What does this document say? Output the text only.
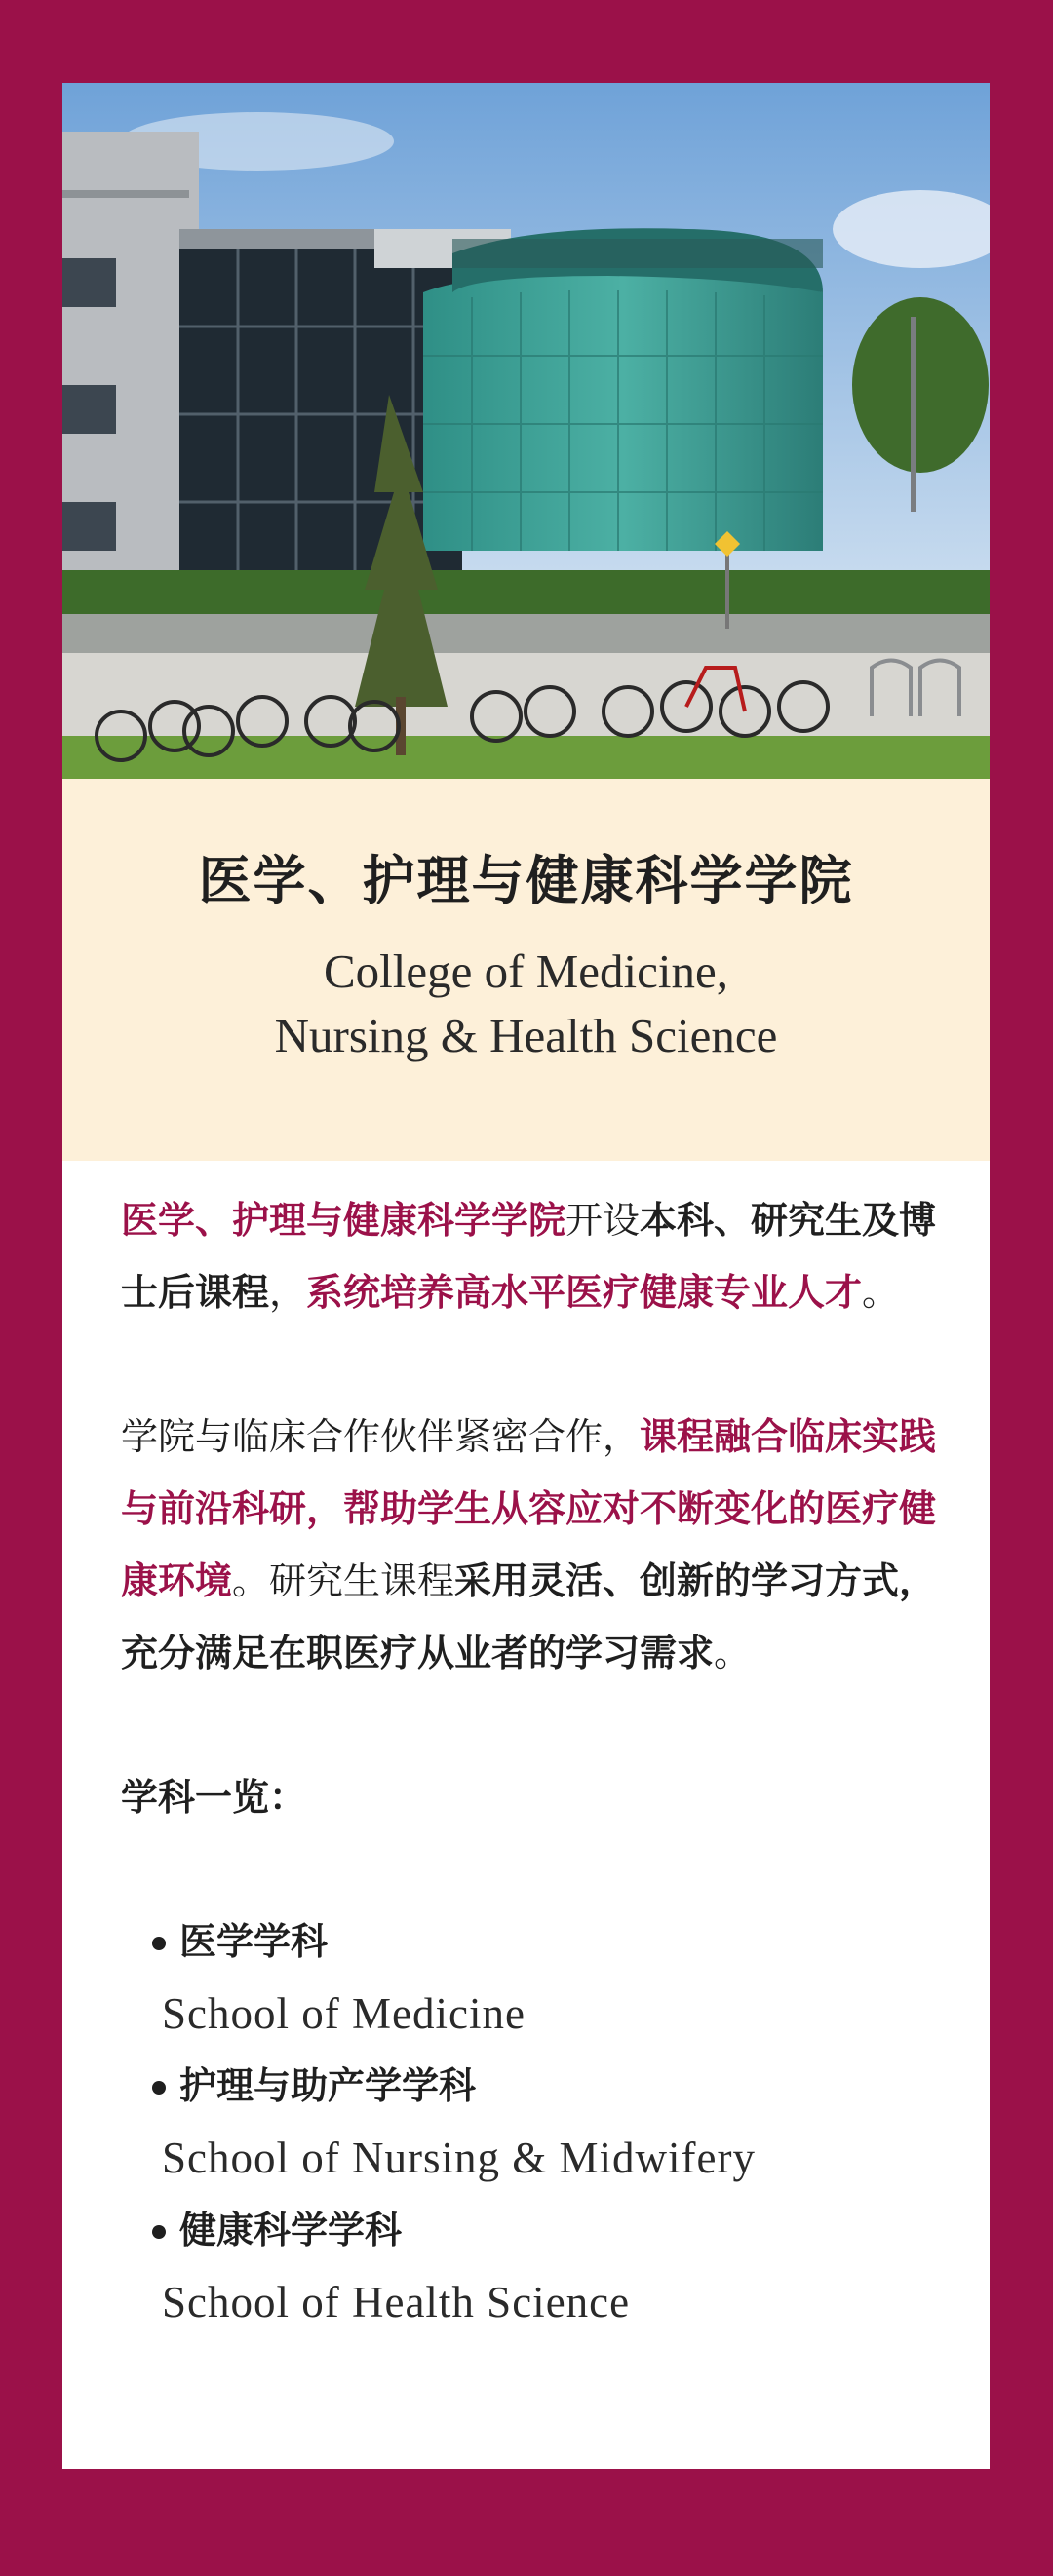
医学、护理与健康科学学院
College of Medicine,
Nursing & Health Science

医学、护理与健康科学学院开设本科、研究生及博士后课程，系统培养高水平医疗健康专业人才。

学院与临床合作伙伴紧密合作，课程融合临床实践与前沿科研，帮助学生从容应对不断变化的医疗健康环境。研究生课程采用灵活、创新的学习方式，充分满足在职医疗从业者的学习需求。

学科一览：
医学学科
School of Medicine
护理与助产学学科
School of Nursing & Midwifery
健康科学学科
School of Health Science
